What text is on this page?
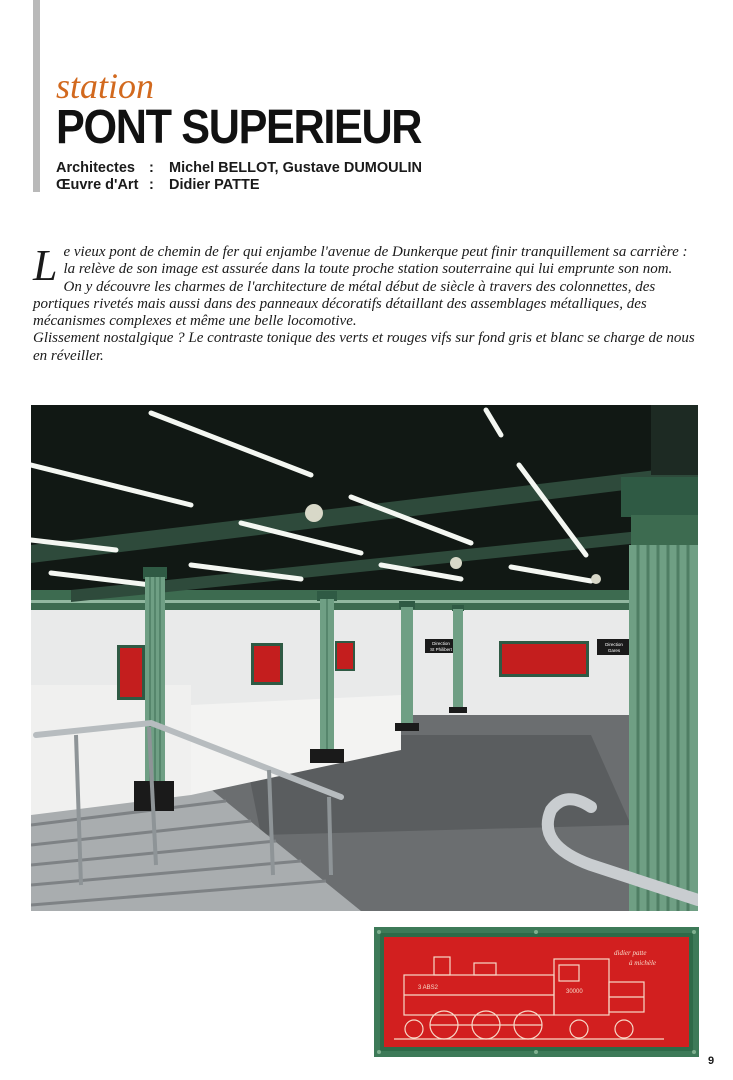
station
PONT SUPERIEUR
Architectes :	Michel BELLOT, Gustave DUMOULIN
Œuvre d'Art :	Didier PATTE

Le vieux pont de chemin de fer qui enjambe l'avenue de Dunkerque peut finir tranquillement sa carrière : la relève de son image est assurée dans la toute proche station souterraine qui lui emprunte son nom.

On y découvre les charmes de l'architecture de métal début de siècle à travers des colonnettes, des portiques rivetés mais aussi dans des panneaux décoratifs détaillant des assemblages métalliques, des mécanismes complexes et même une belle locomotive.

Glissement nostalgique ? Le contraste tonique des verts et rouges vifs sur fond gris et blanc se charge de nous en réveiller.

Direction
St Philibert
Direction
Gares
didier patte
à michèle
30000
3 ABS2
9
